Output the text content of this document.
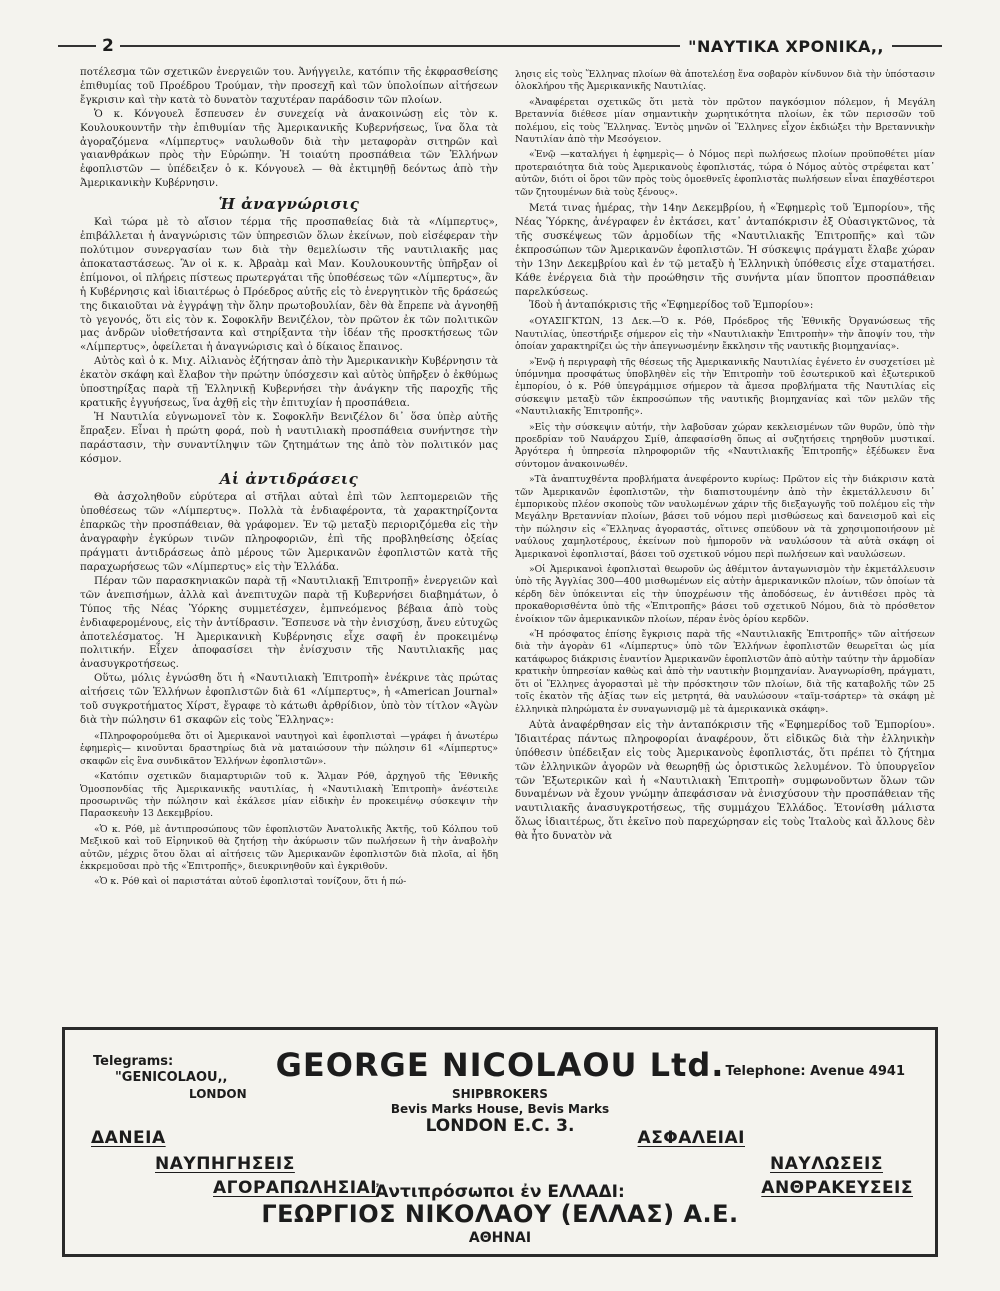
2	"ΝΑΥΤΙΚΑ ΧΡΟΝΙΚΑ,,

ποτέλεσμα τῶν σχετικῶν ἐνεργειῶν του. Ἀνήγγειλε, κατόπιν τῆς ἐκφρασθείσης ἐπιθυμίας τοῦ Προέδρου Τρούμαν, τὴν προσεχῆ καὶ τῶν ὑπολοίπων αἰτήσεων ἔγκρισιν καὶ τὴν κατὰ τὸ δυνατὸν ταχυτέραν παράδοσιν τῶν πλοίων.

Ὁ κ. Κόνγουελ ἔσπευσεν ἐν συνεχείᾳ νὰ ἀνακοινώσῃ εἰς τὸν κ. Κουλουκουντῆν τὴν ἐπιθυμίαν τῆς Ἀμερικανικῆς Κυβερνήσεως, ἵνα ὅλα τὰ ἀγοραζόμενα «Λίμπερτυς» ναυλωθοῦν διὰ τὴν μεταφορὰν σιτηρῶν καὶ γαιανθράκων πρὸς τὴν Εὐρώπην. Ἡ τοιαύτη προσπάθεια τῶν Ἑλλήνων ἐφοπλιστῶν — ὑπέδειξεν ὁ κ. Κόνγουελ — θὰ ἐκτιμηθῇ δεόντως ἀπὸ τὴν Ἀμερικανικὴν Κυβέρνησιν.

Ἡ ἀναγνώρισις

Καὶ τώρα μὲ τὸ αἴσιον τέρμα τῆς προσπαθείας διὰ τὰ «Λίμπερτυς», ἐπιβάλλεται ἡ ἀναγνώρισις τῶν ὑπηρεσιῶν ὅλων ἐκείνων, ποὺ εἰσέφεραν τὴν πολύτιμον συνεργασίαν των διὰ τὴν θεμελίωσιν τῆς ναυτιλιακῆς μας ἀποκαταστάσεως. Ἂν οἱ κ. κ. Ἀβραὰμ καὶ Μαν. Κουλουκουντῆς ὑπῆρξαν οἱ ἐπίμονοι, οἱ πλήρεις πίστεως πρωτεργάται τῆς ὑποθέσεως τῶν «Λίμπερτυς», ἂν ἡ Κυβέρνησις καὶ ἰδιαιτέρως ὁ Πρόεδρος αὐτῆς εἰς τὸ ἐνεργητικὸν τῆς δράσεώς της δικαιοῦται νὰ ἐγγράψῃ τὴν ὅλην πρωτοβουλίαν, δὲν θὰ ἔπρεπε νὰ ἀγνοηθῇ τὸ γεγονός, ὅτι εἰς τὸν κ. Σοφοκλῆν Βενιζέλον, τὸν πρῶτον ἐκ τῶν πολιτικῶν μας ἀνδρῶν υἱοθετήσαντα καὶ στηρίξαντα τὴν ἰδέαν τῆς προσκτήσεως τῶν «Λίμπερτυς», ὀφείλεται ἡ ἀναγνώρισις καὶ ὁ δίκαιος ἔπαινος.

Αὐτὸς καὶ ὁ κ. Μιχ. Αἰλιανὸς ἐζήτησαν ἀπὸ τὴν Ἀμερικανικὴν Κυβέρνησιν τὰ ἑκατὸν σκάφη καὶ ἔλαβον τὴν πρώτην ὑπόσχεσιν καὶ αὐτὸς ὑπῆρξεν ὁ ἐκθύμως ὑποστηρίξας παρὰ τῇ Ἑλληνικῇ Κυβερνήσει τὴν ἀνάγκην τῆς παροχῆς τῆς κρατικῆς ἐγγυήσεως, ἵνα ἀχθῇ εἰς τὴν ἐπιτυχίαν ἡ προσπάθεια.

Ἡ Ναυτιλία εὐγνωμονεῖ τὸν κ. Σοφοκλῆν Βενιζέλον δι᾿ ὅσα ὑπὲρ αὐτῆς ἔπραξεν. Εἶναι ἡ πρώτη φορά, ποὺ ἡ ναυτιλιακὴ προσπάθεια συνήντησε τὴν παράστασιν, τὴν συναντίληψιν τῶν ζητημάτων της ἀπὸ τὸν πολιτικόν μας κόσμον.

Αἱ ἀντιδράσεις

Θὰ ἀσχοληθοῦν εὐρύτερα αἱ στῆλαι αὐταὶ ἐπὶ τῶν λεπτομερειῶν τῆς ὑποθέσεως τῶν «Λίμπερτυς». Πολλὰ τὰ ἐνδιαφέροντα, τὰ χαρακτηρίζοντα ἐπαρκῶς τὴν προσπάθειαν, θὰ γράφομεν. Ἐν τῷ μεταξὺ περιοριζόμεθα εἰς τὴν ἀναγραφὴν ἐγκύρων τινῶν πληροφοριῶν, ἐπὶ τῆς προβληθείσης ὀξείας πράγματι ἀντιδράσεως ἀπὸ μέρους τῶν Ἀμερικανῶν ἐφοπλιστῶν κατὰ τῆς παραχωρήσεως τῶν «Λίμπερτυς» εἰς τὴν Ἑλλάδα.

Πέραν τῶν παρασκηνιακῶν παρὰ τῇ «Ναυτιλιακῇ Ἐπιτροπῇ» ἐνεργειῶν καὶ τῶν ἀνεπισήμων, ἀλλὰ καὶ ἀνεπιτυχῶν παρὰ τῇ Κυβερνήσει διαβημάτων, ὁ Τύπος τῆς Νέας Ὑόρκης συμμετέσχεν, ἐμπνεόμενος βέβαια ἀπὸ τοὺς ἐνδιαφερομένους, εἰς τὴν ἀντίδρασιν. Ἔσπευσε νὰ τὴν ἐνισχύσῃ, ἄνευ εὐτυχῶς ἀποτελέσματος. Ἡ Ἀμερικανικὴ Κυβέρνησις εἶχε σαφῆ ἐν προκειμένῳ πολιτικήν. Εἶχεν ἀποφασίσει τὴν ἐνίσχυσιν τῆς Ναυτιλιακῆς μας ἀνασυγκροτήσεως.

Οὕτω, μόλις ἐγνώσθη ὅτι ἡ «Ναυτιλιακὴ Ἐπιτροπὴ» ἐνέκρινε τὰς πρώτας αἰτήσεις τῶν Ἑλλήνων ἐφοπλιστῶν διὰ 61 «Λίμπερτυς», ἡ «American Journal» τοῦ συγκροτήματος Χίρστ, ἔγραφε τὸ κάτωθι ἀρθρίδιον, ὑπὸ τὸν τίτλον «Ἀγὼν διὰ τὴν πώλησιν 61 σκαφῶν εἰς τοὺς Ἕλληνας»:

«Πληροφορούμεθα ὅτι οἱ Ἀμερικανοὶ ναυτηγοὶ καὶ ἐφοπλισταὶ —γράφει ἡ ἀνωτέρω ἐφημερὶς— κινοῦνται δραστηρίως διὰ νὰ ματαιώσουν τὴν πώλησιν 61 «Λίμπερτυς» σκαφῶν εἰς ἓνα συνδικᾶτον Ἑλλήνων ἐφοπλιστῶν».

«Κατόπιν σχετικῶν διαμαρτυριῶν τοῦ κ. Ἄλμαν Ρόθ, ἀρχηγοῦ τῆς Ἐθνικῆς Ὁμοσπονδίας τῆς Ἀμερικανικῆς ναυτιλίας, ἡ «Ναυτιλιακὴ Ἐπιτροπὴ» ἀνέστειλε προσωρινῶς τὴν πώλησιν καὶ ἐκάλεσε μίαν εἰδικὴν ἐν προκειμένῳ σύσκεψιν τὴν Παρασκευὴν 13 Δεκεμβρίου.

«Ὁ κ. Ρόθ, μὲ ἀντιπροσώπους τῶν ἐφοπλιστῶν Ἀνατολικῆς Ἀκτῆς, τοῦ Κόλπου τοῦ Μεξικοῦ καὶ τοῦ Εἰρηνικοῦ θὰ ζητήσῃ τὴν ἀκύρωσιν τῶν πωλήσεων ἢ τὴν ἀναβολὴν αὐτῶν, μέχρις ὅτου ὅλαι αἱ αἰτήσεις τῶν Ἀμερικανῶν ἐφοπλιστῶν διὰ πλοῖα, αἱ ἤδη ἐκκρεμοῦσαι πρὸ τῆς «Ἐπιτροπῆς», διευκρινηθοῦν καὶ ἐγκριθοῦν.

«Ὁ κ. Ρόθ καὶ οἱ παριστάται αὐτοῦ ἐφοπλισταὶ τονίζουν, ὅτι ἡ πώ-

λησις εἰς τοὺς Ἕλληνας πλοίων θὰ ἀποτελέσῃ ἕνα σοβαρὸν κίνδυνον διὰ τὴν ὑπόστασιν ὁλοκλήρου τῆς Ἀμερικανικῆς Ναυτιλίας.

«Ἀναφέρεται σχετικῶς ὅτι μετὰ τὸν πρῶτον παγκόσμιον πόλεμον, ἡ Μεγάλη Βρεταννία διέθεσε μίαν σημαντικὴν χωρητικότητα πλοίων, ἐκ τῶν περισσῶν τοῦ πολέμου, εἰς τοὺς Ἕλληνας. Ἐντὸς μηνῶν οἱ Ἕλληνες εἶχον ἐκδιώξει τὴν Βρεταννικὴν Ναυτιλίαν ἀπὸ τὴν Μεσόγειον.

«Ἐνῷ —καταλήγει ἡ ἐφημερὶς— ὁ Νόμος περὶ πωλήσεως πλοίων προϋποθέτει μίαν προτεραιότητα διὰ τοὺς Ἀμερικανοὺς ἐφοπλιστάς, τώρα ὁ Νόμος αὐτὸς στρέφεται κατ᾿ αὐτῶν, διότι οἱ ὅροι τῶν πρὸς τοὺς ὁμοεθνεῖς ἐφοπλιστὰς πωλήσεων εἶναι ἐπαχθέστεροι τῶν ζητουμένων διὰ τοὺς ξένους».

Μετά τινας ἡμέρας, τὴν 14ην Δεκεμβρίου, ἡ «Ἐφημερὶς τοῦ Ἐμπορίου», τῆς Νέας Ὑόρκης, ἀνέγραφεν ἐν ἐκτάσει, κατ᾿ ἀνταπόκρισιν ἐξ Οὐασιγκτῶνος, τὰ τῆς συσκέψεως τῶν ἁρμοδίων τῆς «Ναυτιλιακῆς Ἐπιτροπῆς» καὶ τῶν ἐκπροσώπων τῶν Ἀμερικανῶν ἐφοπλιστῶν. Ἡ σύσκεψις πράγματι ἔλαβε χώραν τὴν 13ην Δεκεμβρίου καὶ ἐν τῷ μεταξὺ ἡ Ἑλληνικὴ ὑπόθεσις εἶχε σταματήσει. Κάθε ἐνέργεια διὰ τὴν προώθησιν τῆς συνήντα μίαν ὕποπτον προσπάθειαν παρελκύσεως.

Ἰδοὺ ἡ ἀνταπόκρισις τῆς «Ἐφημερίδος τοῦ Ἐμπορίου»:

«ΟΥΑΣΙΓΚΤΩΝ, 13 Δεκ.—Ὁ κ. Ρόθ, Πρόεδρος τῆς Ἐθνικῆς Ὀργανώσεως τῆς Ναυτιλίας, ὑπεστήριξε σήμερον εἰς τὴν «Ναυτιλιακὴν Ἐπιτροπὴν» τὴν ἄποψίν του, τὴν ὁποίαν χαρακτηρίζει ὡς τὴν ἀπεγνωσμένην ἔκκλησιν τῆς ναυτικῆς βιομηχανίας».

»Ἐνῷ ἡ περιγραφὴ τῆς θέσεως τῆς Ἀμερικανικῆς Ναυτιλίας ἐγένετο ἐν συσχετίσει μὲ ὑπόμνημα προσφάτως ὑποβληθὲν εἰς τὴν Ἐπιτροπὴν τοῦ ἐσωτερικοῦ καὶ ἐξωτερικοῦ ἐμπορίου, ὁ κ. Ρόθ ὑπεγράμμισε σήμερον τὰ ἄμεσα προβλήματα τῆς Ναυτιλίας εἰς σύσκεψιν μεταξὺ τῶν ἐκπροσώπων τῆς ναυτικῆς βιομηχανίας καὶ τῶν μελῶν τῆς «Ναυτιλιακῆς Ἐπιτροπῆς».

»Εἰς τὴν σύσκεψιν αὐτήν, τὴν λαβοῦσαν χώραν κεκλεισμένων τῶν θυρῶν, ὑπὸ τὴν προεδρίαν τοῦ Ναυάρχου Σμίθ, ἀπεφασίσθη ὅπως αἱ συζητήσεις τηρηθοῦν μυστικαί. Ἀργότερα ἡ ὑπηρεσία πληροφοριῶν τῆς «Ναυτιλιακῆς Ἐπιτροπῆς» ἐξέδωκεν ἕνα σύντομον ἀνακοινωθέν.

»Τὰ ἀναπτυχθέντα προβλήματα ἀνεφέροντο κυρίως: Πρῶτον εἰς τὴν διάκρισιν κατὰ τῶν Ἀμερικανῶν ἐφοπλιστῶν, τὴν διαπιστουμένην ἀπὸ τὴν ἐκμετάλλευσιν δι᾿ ἐμπορικοὺς πλέον σκοποὺς τῶν ναυλωμένων χάριν τῆς διεξαγωγῆς τοῦ πολέμου εἰς τὴν Μεγάλην Βρεταννίαν πλοίων, βάσει τοῦ νόμου περὶ μισθώσεως καὶ δανεισμοῦ καὶ εἰς τὴν πώλησιν εἰς «Ἕλληνας ἀγοραστάς, οἵτινες σπεύδουν νὰ τὰ χρησιμοποιήσουν μὲ ναύλους χαμηλοτέρους, ἐκείνων ποὺ ἠμποροῦν νὰ ναυλώσουν τὰ αὐτὰ σκάφη οἱ Ἀμερικανοὶ ἐφοπλισταί, βάσει τοῦ σχετικοῦ νόμου περὶ πωλήσεων καὶ ναυλώσεων.

»Οἱ Ἀμερικανοὶ ἐφοπλισταὶ θεωροῦν ὡς ἀθέμιτον ἀνταγωνισμὸν τὴν ἐκμετάλλευσιν ὑπὸ τῆς Ἀγγλίας 300—400 μισθωμένων εἰς αὐτὴν ἀμερικανικῶν πλοίων, τῶν ὁποίων τὰ κέρδη δὲν ὑπόκεινται εἰς τὴν ὑποχρέωσιν τῆς ἀποδόσεως, ἐν ἀντιθέσει πρὸς τὰ προκαθορισθέντα ὑπὸ τῆς «Ἐπιτροπῆς» βάσει τοῦ σχετικοῦ Νόμου, διὰ τὸ πρόσθετον ἐνοίκιον τῶν ἀμερικανικῶν πλοίων, πέραν ἑνὸς ὁρίου κερδῶν.

«Ἡ πρόσφατος ἐπίσης ἔγκρισις παρὰ τῆς «Ναυτιλιακῆς Ἐπιτροπῆς» τῶν αἰτήσεων διὰ τὴν ἀγορὰν 61 «Λίμπερτυς» ὑπὸ τῶν Ἑλλήνων ἐφοπλιστῶν θεωρεῖται ὡς μία κατάφωρος διάκρισις ἐναντίον Ἀμερικανῶν ἐφοπλιστῶν ἀπὸ αὐτὴν ταύτην τὴν ἁρμοδίαν κρατικὴν ὑπηρεσίαν καθὼς καὶ ἀπὸ τὴν ναυτικὴν βιομηχανίαν. Ἀναγνωρίσθη, πράγματι, ὅτι οἱ Ἕλληνες ἀγορασταὶ μὲ τὴν πρόσκτησιν τῶν πλοίων, διὰ τῆς καταβολῆς τῶν 25 τοῖς ἑκατὸν τῆς ἀξίας των εἰς μετρητά, θὰ ναυλώσουν «ταϊμ-τσάρτερ» τὰ σκάφη μὲ ἑλληνικὰ πληρώματα ἐν συναγωνισμῷ μὲ τὰ ἀμερικανικὰ σκάφη».

Αὐτὰ ἀναφέρθησαν εἰς τὴν ἀνταπόκρισιν τῆς «Ἐφημερίδος τοῦ Ἐμπορίου». Ἰδιαιτέρας πάντως πληροφορίαι ἀναφέρουν, ὅτι εἰδικῶς διὰ τὴν ἑλληνικὴν ὑπόθεσιν ὑπέδειξαν εἰς τοὺς Ἀμερικανοὺς ἐφοπλιστάς, ὅτι πρέπει τὸ ζήτημα τῶν ἑλληνικῶν ἀγορῶν νὰ θεωρηθῇ ὡς ὁριστικῶς λελυμένον. Τὸ ὑπουργεῖον τῶν Ἐξωτερικῶν καὶ ἡ «Ναυτιλιακὴ Ἐπιτροπὴ» συμφωνοῦντων ὅλων τῶν δυναμένων νὰ ἔχουν γνώμην ἀπεφάσισαν νὰ ἐνισχύσουν τὴν προσπάθειαν τῆς ναυτιλιακῆς ἀνασυγκροτήσεως, τῆς συμμάχου Ἑλλάδος. Ἐτονίσθη μάλιστα ὅλως ἰδιαιτέρως, ὅτι ἐκεῖνο ποὺ παρεχώρησαν εἰς τοὺς Ἰταλοὺς καὶ ἄλλους δὲν θὰ ἦτο δυνατὸν νὰ

GEORGE NICOLAOU Ltd.
Telegrams:
"GENICOLAOU,,
LONDON
Telephone: Avenue 4941
SHIPBROKERS
Bevis Marks House, Bevis Marks
LONDON E.C. 3.
ΔΑΝΕΙΑ
ΝΑΥΠΗΓΗΣΕΙΣ
ΑΓΟΡΑΠΩΛΗΣΙΑΙ
ΑΣΦΑΛΕΙΑΙ
ΝΑΥΛΩΣΕΙΣ
ΑΝΘΡΑΚΕΥΣΕΙΣ
Ἀντιπρόσωποι ἐν ΕΛΛΑΔΙ:
ΓΕΩΡΓΙΟΣ ΝΙΚΟΛΑΟΥ (ΕΛΛΑΣ) Α.Ε.
ΑΘΗΝΑΙ
